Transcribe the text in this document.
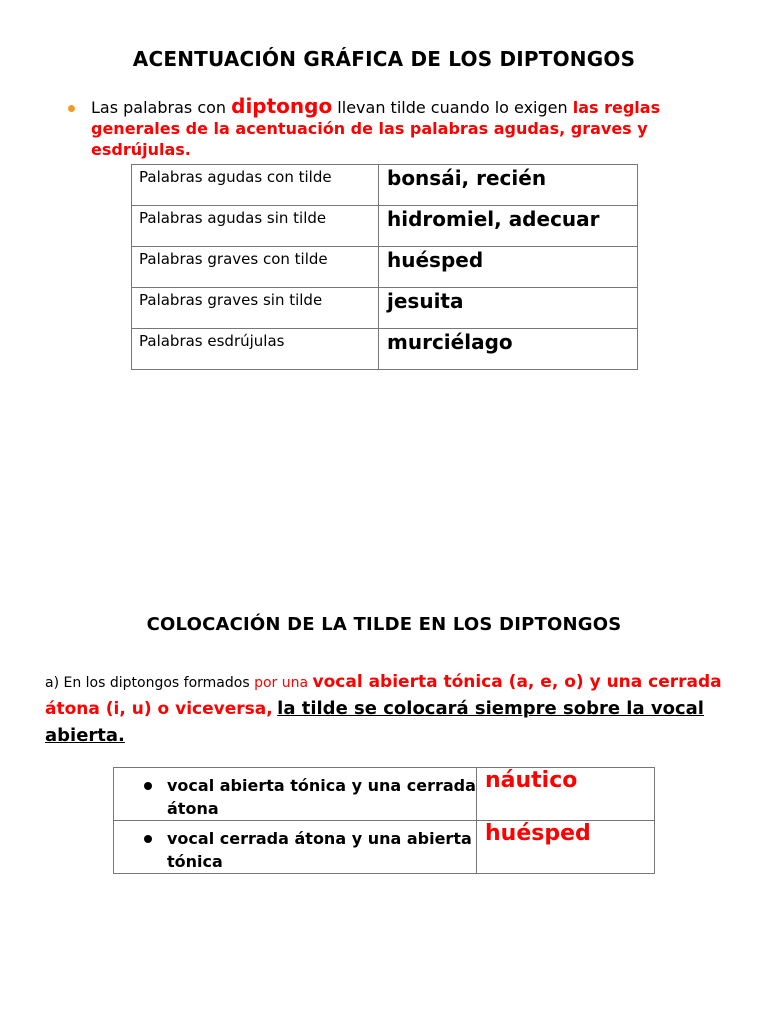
ACENTUACIÓN GRÁFICA DE LOS DIPTONGOS

Las palabras con diptongo llevan tilde cuando lo exigen las reglas generales de la acentuación de las palabras agudas, graves y esdrújulas.

Palabras agudas con tilde	bonsái, recién
Palabras agudas sin tilde	hidromiel, adecuar
Palabras graves con tilde	huésped
Palabras graves sin tilde	jesuita
Palabras esdrújulas	murciélago
COLOCACIÓN DE LA TILDE EN LOS DIPTONGOS

a) En los diptongos formados por una vocal abierta tónica (a, e, o) y una cerrada átona (i, u) o viceversa, la tilde se colocará siempre sobre la vocal abierta.

vocal abierta tónica y una cerrada átona	náutico

vocal cerrada átona y una abierta tónica	huésped
